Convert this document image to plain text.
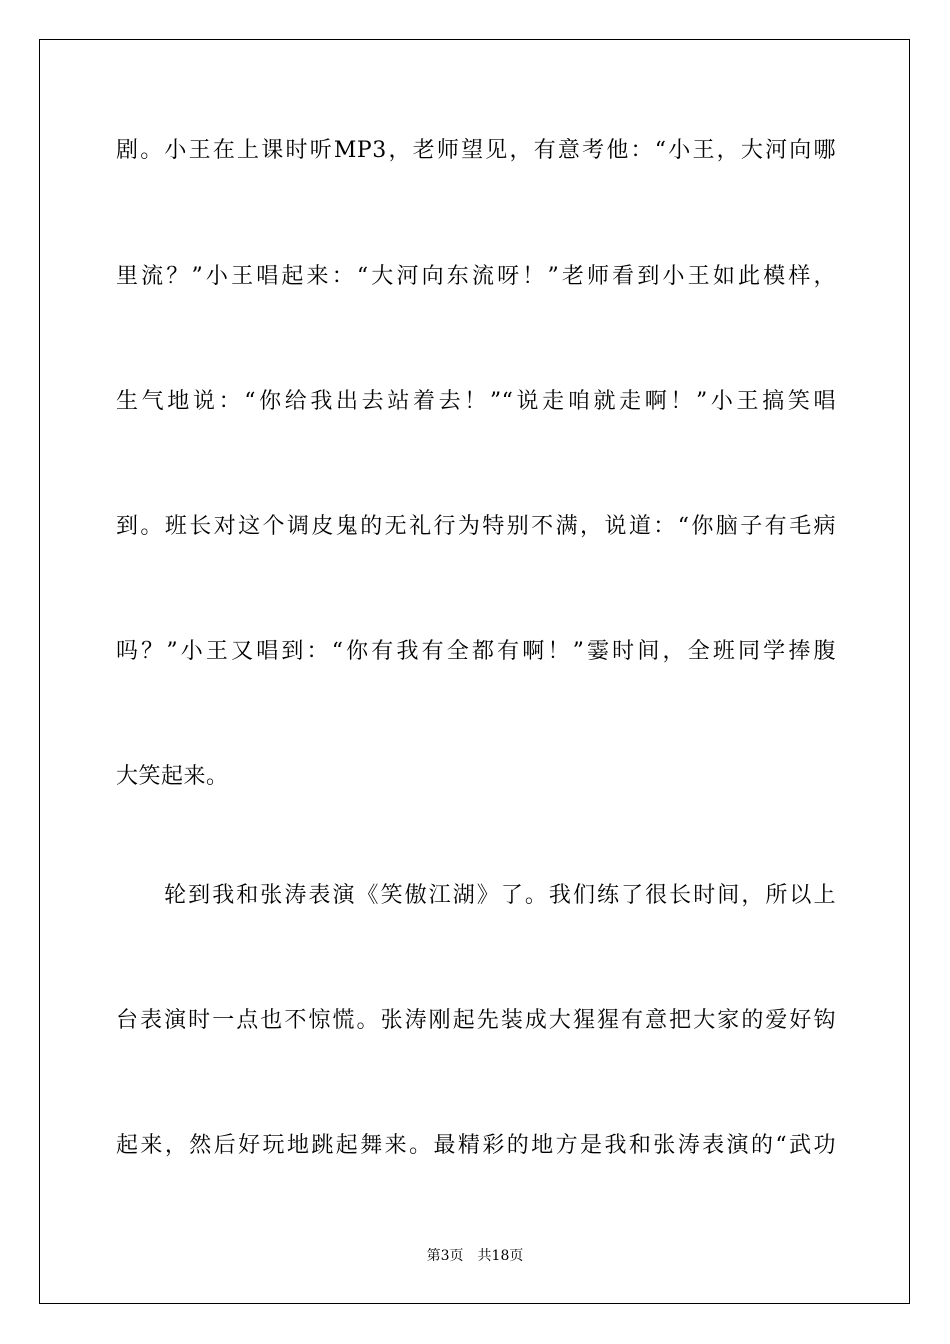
剧。小王在上课时听MP3，老师望见，有意考他：“小王，大河向哪
里流？”小王唱起来：“大河向东流呀！”老师看到小王如此模样，
生气地说：“你给我出去站着去！”“说走咱就走啊！”小王搞笑唱
到。班长对这个调皮鬼的无礼行为特别不满，说道：“你脑子有毛病
吗？”小王又唱到：“你有我有全都有啊！”霎时间，全班同学捧腹
大笑起来。
　　轮到我和张涛表演《笑傲江湖》了。我们练了很长时间，所以上
台表演时一点也不惊慌。张涛刚起先装成大猩猩有意把大家的爱好钩
起来，然后好玩地跳起舞来。最精彩的地方是我和张涛表演的“武功
第3页 共18页
